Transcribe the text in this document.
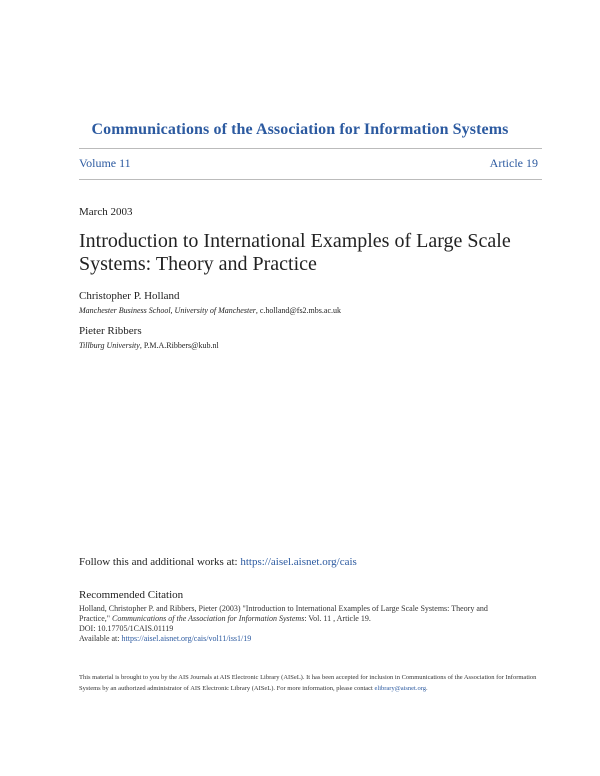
Communications of the Association for Information Systems
Volume 11	Article 19
March 2003
Introduction to International Examples of Large Scale Systems: Theory and Practice
Christopher P. Holland
Manchester Business School, University of Manchester, c.holland@fs2.mbs.ac.uk
Pieter Ribbers
Tillburg University, P.M.A.Ribbers@kub.nl
Follow this and additional works at: https://aisel.aisnet.org/cais
Recommended Citation
Holland, Christopher P. and Ribbers, Pieter (2003) "Introduction to International Examples of Large Scale Systems: Theory and
Practice," Communications of the Association for Information Systems: Vol. 11 , Article 19.
DOI: 10.17705/1CAIS.01119
Available at: https://aisel.aisnet.org/cais/vol11/iss1/19
This material is brought to you by the AIS Journals at AIS Electronic Library (AISeL). It has been accepted for inclusion in Communications of the Association for Information Systems by an authorized administrator of AIS Electronic Library (AISeL). For more information, please contact elibrary@aisnet.org.
